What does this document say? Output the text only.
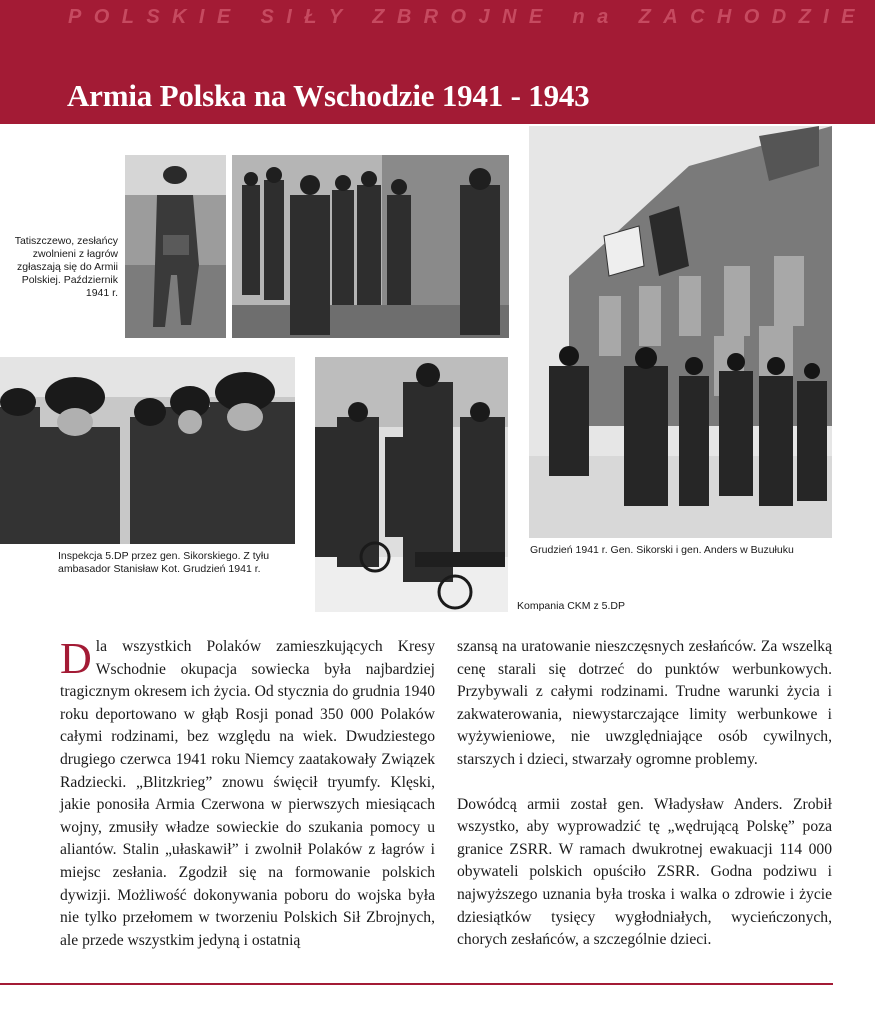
POLSKIE SIŁY ZBROJNE na ZACHODZIE
Armia Polska na Wschodzie 1941 - 1943
Tatiszczewo, zesłańcy zwolnieni z łagrów zgłaszają się do Armii Polskiej. Październik 1941 r.
Inspekcja 5.DP przez gen. Sikorskiego. Z tyłu ambasador Stanisław Kot. Grudzień 1941 r.
Kompania CKM z 5.DP
Grudzień 1941 r. Gen. Sikorski i gen. Anders w Buzułuku

Dla wszystkich Polaków zamieszkujących Kresy Wschodnie okupacja sowiecka była najbardziej tragicznym okresem ich życia. Od stycznia do grudnia 1940 roku deportowano w głąb Rosji ponad 350 000 Polaków całymi rodzinami, bez względu na wiek. Dwudziestego drugiego czerwca 1941 roku Niemcy zaatakowały Związek Radziecki. „Blitzkrieg” znowu święcił tryumfy. Klęski, jakie ponosiła Armia Czerwona w pierwszych miesiącach wojny, zmusiły władze sowieckie do szukania pomocy u aliantów. Stalin „ułaskawił” i zwolnił Polaków z łagrów i miejsc zesłania. Zgodził się na formowanie polskich dywizji. Możliwość dokonywania poboru do wojska była nie tylko przełomem w tworzeniu Polskich Sił Zbrojnych, ale przede wszystkim jedyną i ostatnią

szansą na uratowanie nieszczęsnych zesłańców. Za wszelką cenę starali się dotrzeć do punktów werbunkowych. Przybywali z całymi rodzinami. Trudne warunki życia i zakwaterowania, niewystarczające limity werbunkowe i wyżywieniowe, nie uwzględniające osób cywilnych, starszych i dzieci, stwarzały ogromne problemy.

Dowódcą armii został gen. Władysław Anders. Zrobił wszystko, aby wyprowadzić tę „wędrującą Polskę” poza granice ZSRR. W ramach dwukrotnej ewakuacji 114 000 obywateli polskich opuściło ZSRR. Godna podziwu i najwyższego uznania była troska i walka o zdrowie i życie dziesiątków tysięcy wygłodniałych, wycieńczonych, chorych zesłańców, a szczególnie dzieci.
